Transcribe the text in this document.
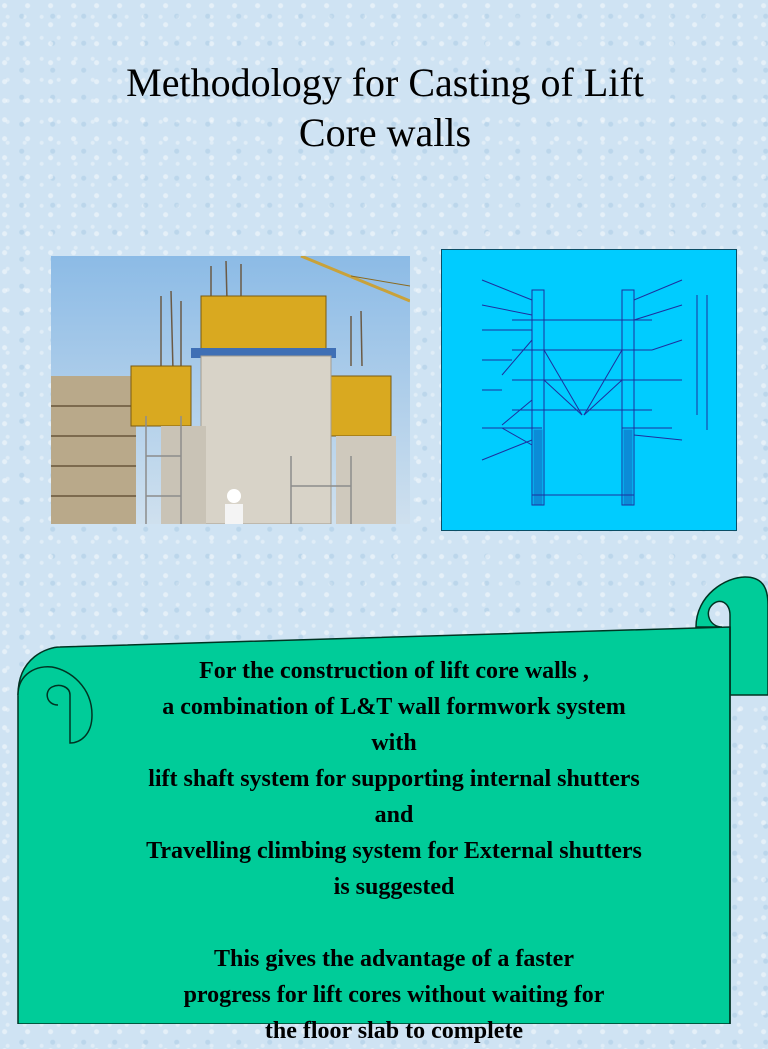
Methodology for Casting of Lift
Core walls
For the construction of lift core walls ,
a combination of L&T wall formwork system
with
lift shaft system for supporting internal shutters
and
Travelling climbing system for External shutters
is suggested
This gives the advantage of a faster
progress for lift cores without waiting for
the floor slab to complete
